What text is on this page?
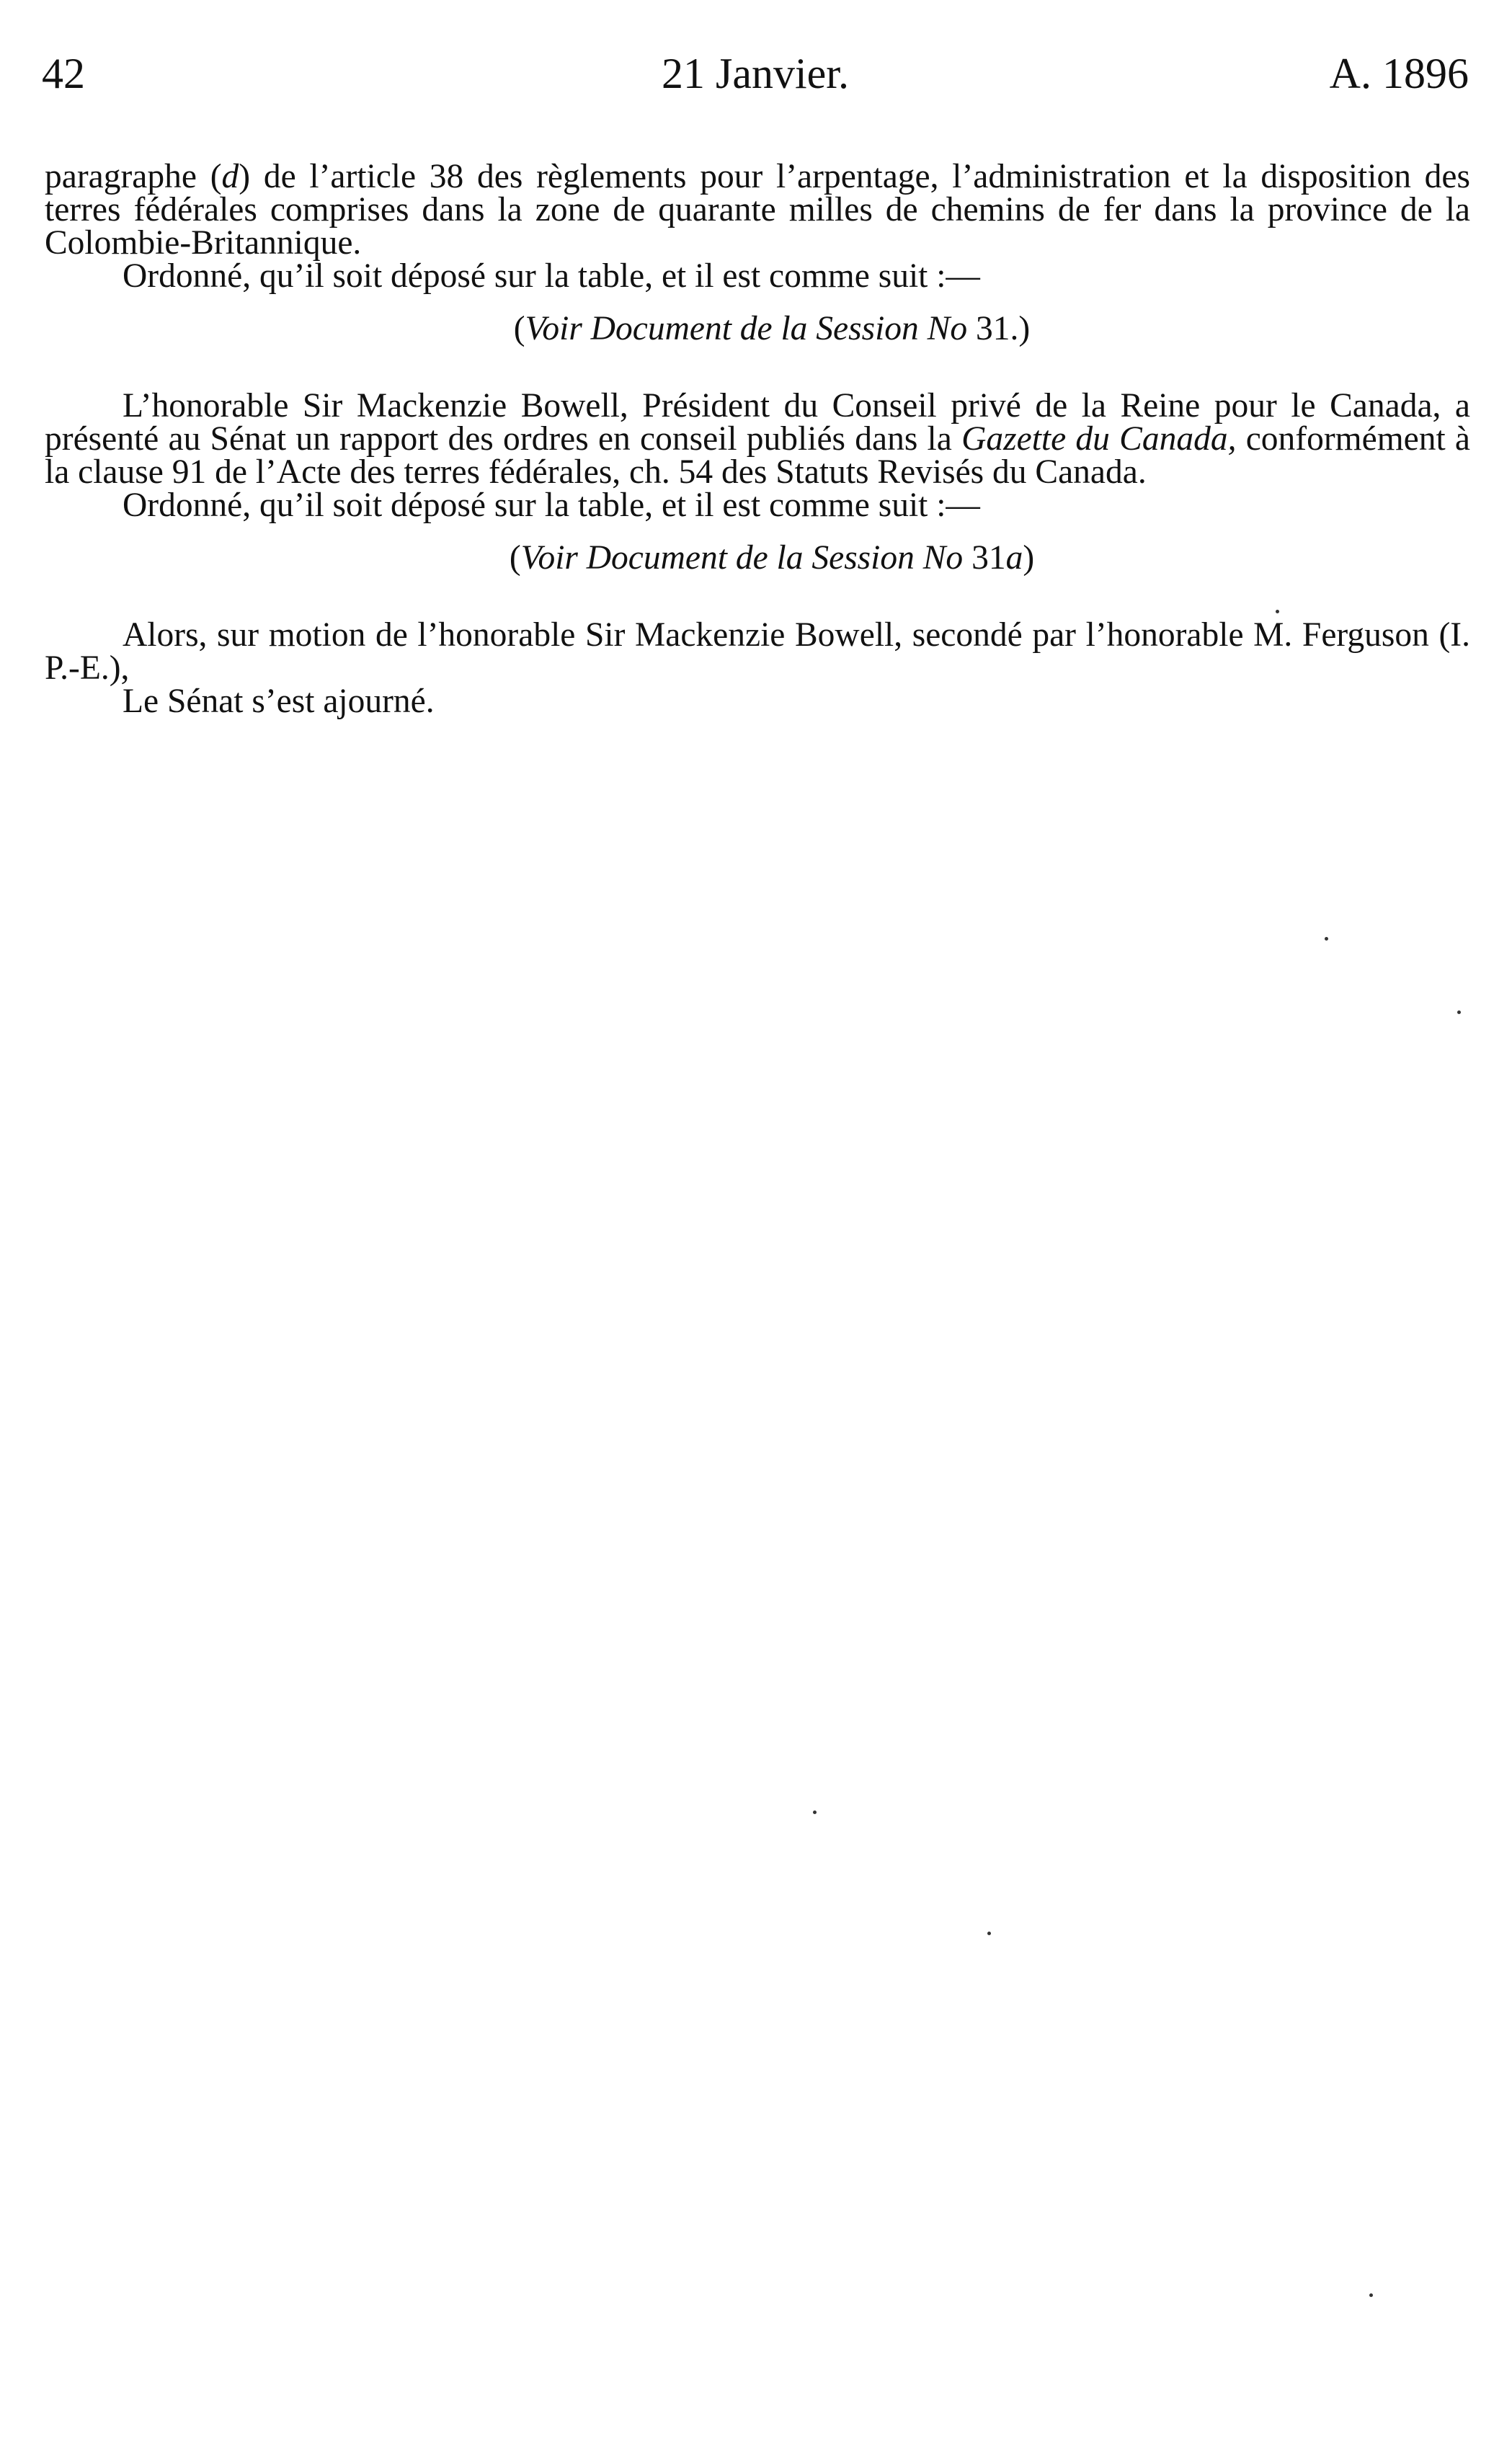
42	21 Janvier.	A. 1896

paragraphe (d) de l’article 38 des règlements pour l’arpentage, l’administration et la disposition des terres fédérales comprises dans la zone de quarante milles de chemins de fer dans la province de la Colombie-Britannique.

Ordonné, qu’il soit déposé sur la table, et il est comme suit :—

(Voir Document de la Session No 31.)

L’honorable Sir Mackenzie Bowell, Président du Conseil privé de la Reine pour le Canada, a présenté au Sénat un rapport des ordres en conseil publiés dans la Gazette du Canada, conformément à la clause 91 de l’Acte des terres fédérales, ch. 54 des Statuts Revisés du Canada.

Ordonné, qu’il soit déposé sur la table, et il est comme suit :—

(Voir Document de la Session No 31a)

Alors, sur motion de l’honorable Sir Mackenzie Bowell, secondé par l’honorable M. Ferguson (I. P.-E.),

Le Sénat s’est ajourné.
